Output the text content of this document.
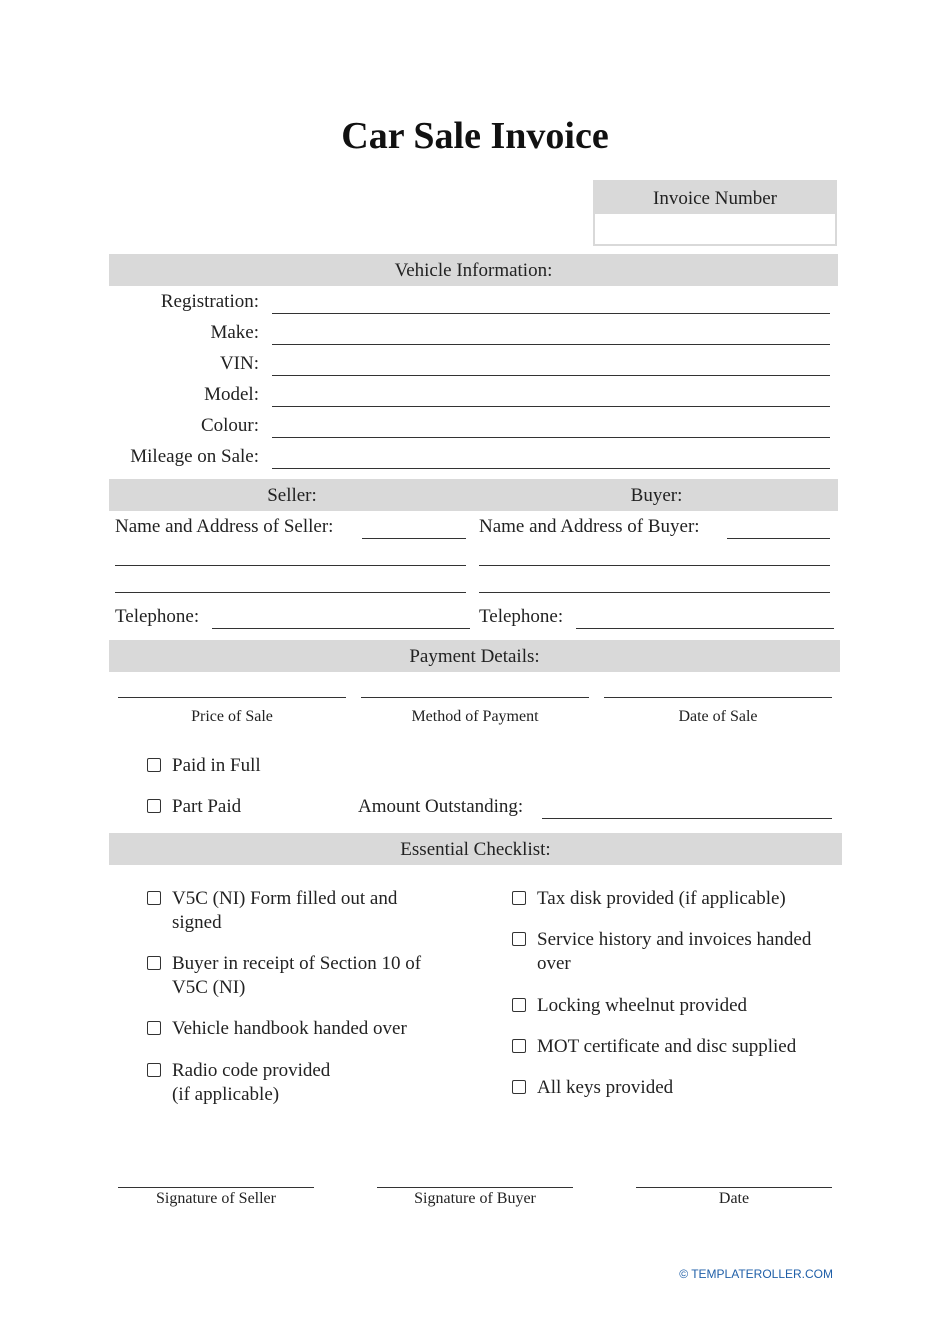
Car Sale Invoice
Invoice Number
Vehicle Information:
Registration:
Make:
VIN:
Model:
Colour:
Mileage on Sale:
Seller:	Buyer:
Name and Address of Seller:
Telephone:
Name and Address of Buyer:
Telephone:
Payment Details:
Price of Sale	Method of Payment	Date of Sale
Paid in Full
Part Paid	Amount Outstanding:
Essential Checklist:
V5C (NI) Form filled out and
signed
Buyer in receipt of Section 10 of
V5C (NI)
Vehicle handbook handed over
Radio code provided
(if applicable)
Tax disk provided (if applicable)
Service history and invoices handed
over
Locking wheelnut provided
MOT certificate and disc supplied
All keys provided
Signature of Seller	Signature of Buyer	Date
© TEMPLATEROLLER.COM
